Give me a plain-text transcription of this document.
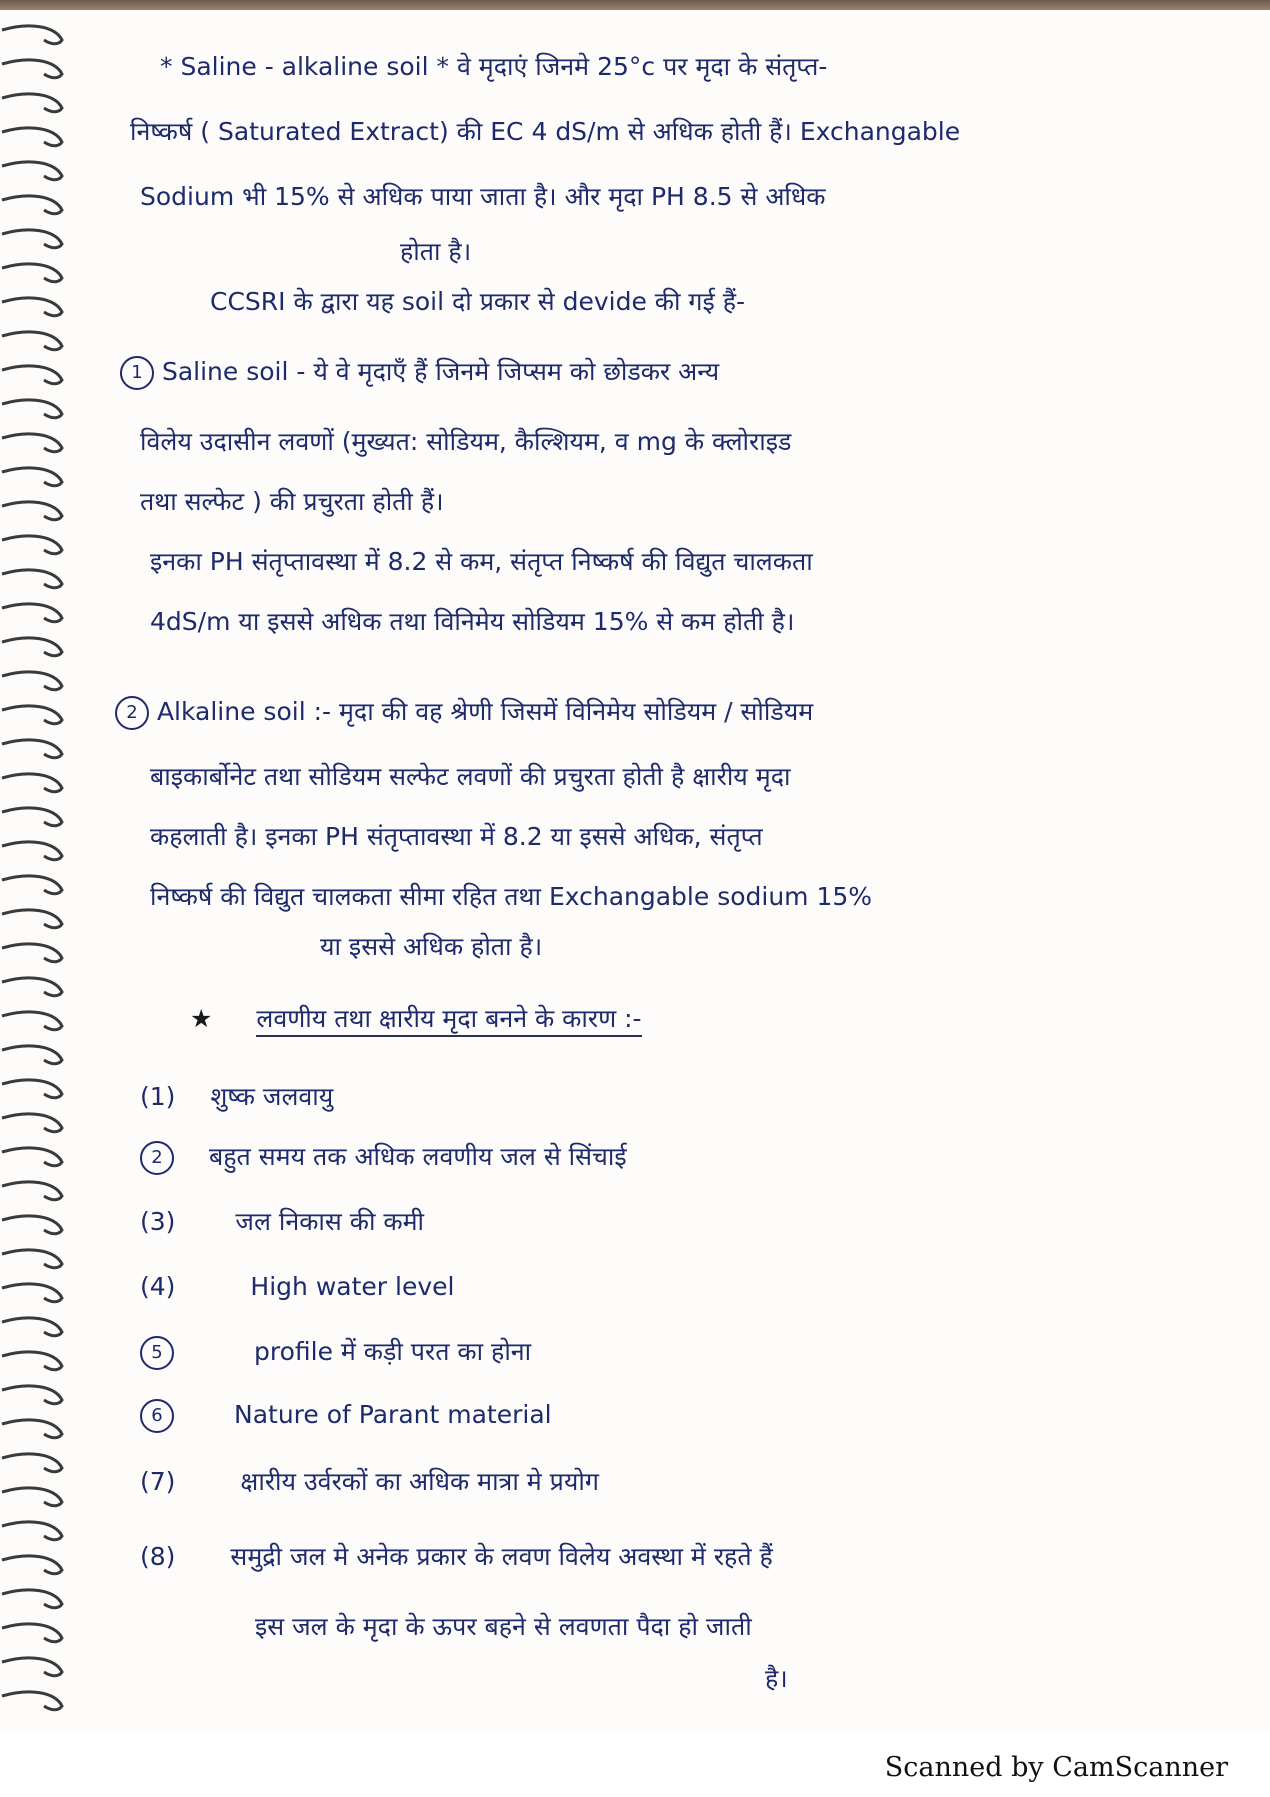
* Saline - alkaline soil * वे मृदाएं जिनमे 25°c पर मृदा के संतृप्त-
निष्कर्ष ( Saturated Extract) की EC 4 dS/m से अधिक होती हैं। Exchangable
Sodium भी 15% से अधिक पाया जाता है। और मृदा PH 8.5 से अधिक
होता है।
CCSRI के द्वारा यह soil दो प्रकार से devide की गई हैं-
1 Saline soil - ये वे मृदाएँ हैं जिनमे जिप्सम को छोडकर अन्य
विलेय उदासीन लवणों (मुख्यत: सोडियम, कैल्शियम, व mg के क्लोराइड
तथा सल्फेट ) की प्रचुरता होती हैं।
इनका PH संतृप्तावस्था में 8.2 से कम, संतृप्त निष्कर्ष की विद्युत चालकता
4dS/m या इससे अधिक तथा विनिमेय सोडियम 15% से कम होती है।
2 Alkaline soil :- मृदा की वह श्रेणी जिसमें विनिमेय सोडियम / सोडियम
बाइकार्बोनेट तथा सोडियम सल्फेट लवणों की प्रचुरता होती है क्षारीय मृदा
कहलाती है। इनका PH संतृप्तावस्था में 8.2 या इससे अधिक, संतृप्त
निष्कर्ष की विद्युत चालकता सीमा रहित तथा Exchangable sodium 15%
या इससे अधिक होता है।
★ लवणीय तथा क्षारीय मृदा बनने के कारण :-
(1) शुष्क जलवायु
2 बहुत समय तक अधिक लवणीय जल से सिंचाई
(3) जल निकास की कमी
(4)	High water level
5	profile में कड़ी परत का होना
6	Nature of Parant material
(7)	क्षारीय उर्वरकों का अधिक मात्रा मे प्रयोग
(8) समुद्री जल मे अनेक प्रकार के लवण विलेय अवस्था में रहते हैं
इस जल के मृदा के ऊपर बहने से लवणता पैदा हो जाती
है।
Scanned by CamScanner
